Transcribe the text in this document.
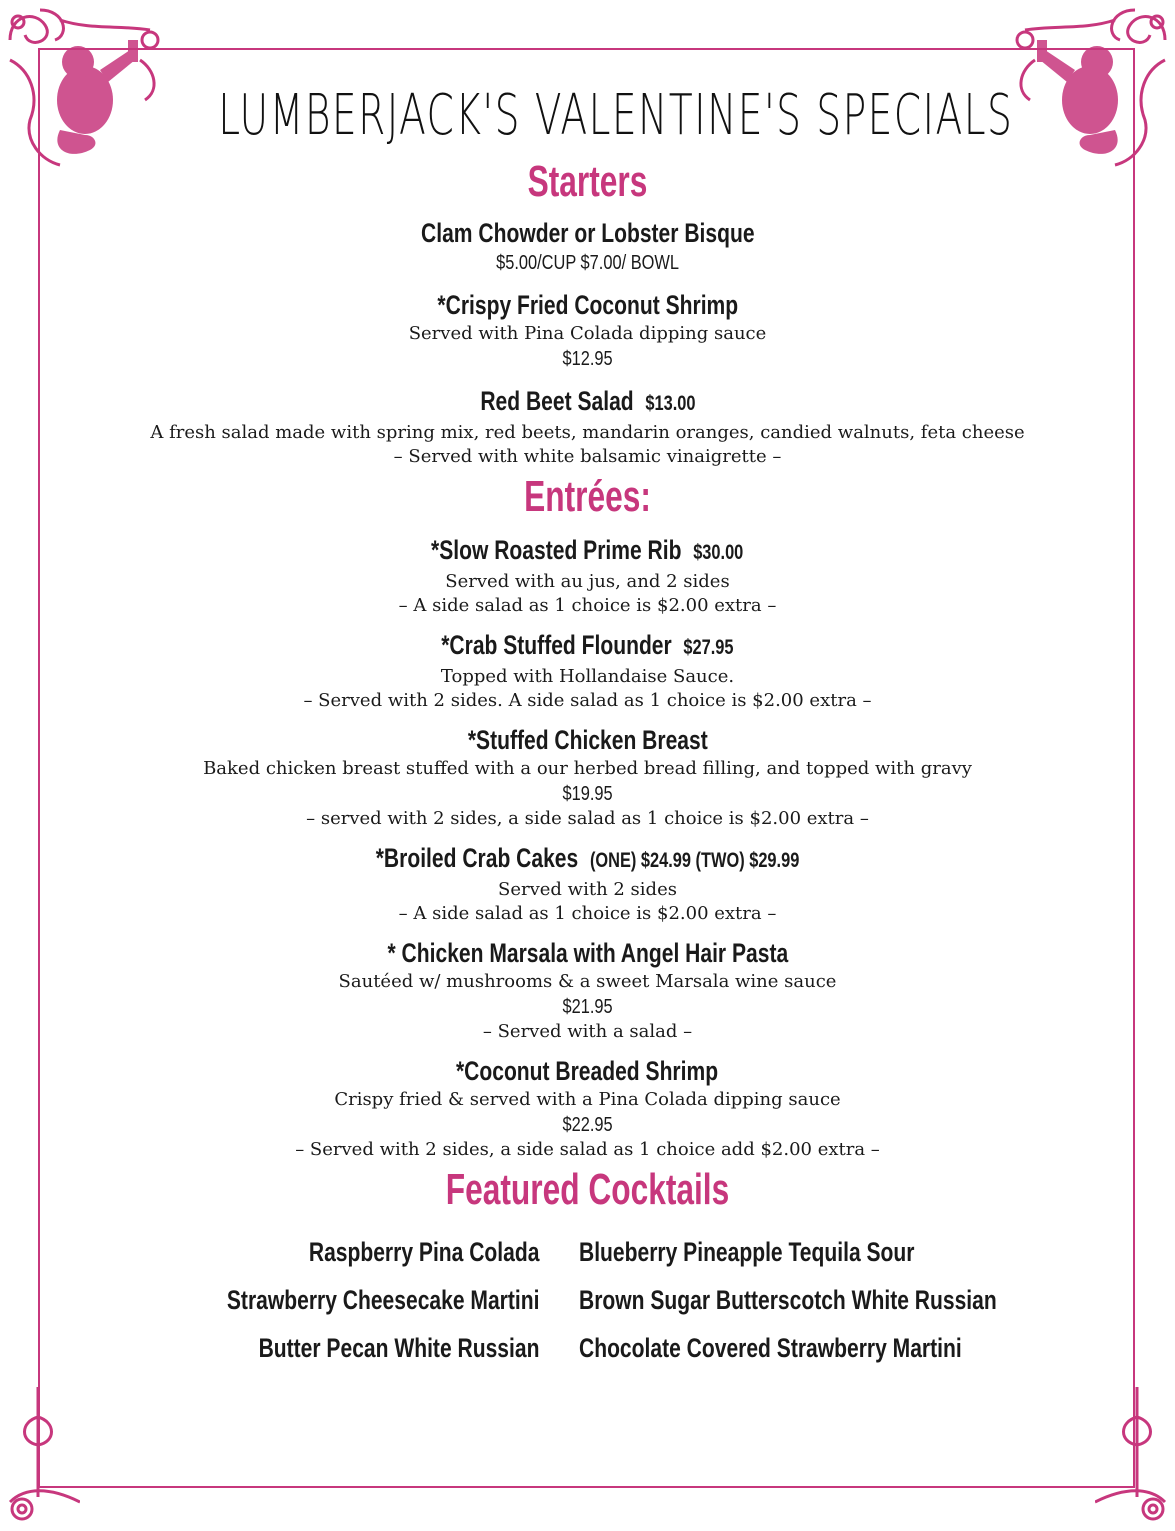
LUMBERJACK'S VALENTINE'S SPECIALS
Starters
Clam Chowder or Lobster Bisque
$5.00/CUP $7.00/ BOWL
*Crispy Fried Coconut Shrimp
Served with Pina Colada dipping sauce
$12.95
Red Beet Salad $13.00
A fresh salad made with spring mix, red beets, mandarin oranges, candied walnuts, feta cheese
– Served with white balsamic vinaigrette –
Entrées:
*Slow Roasted Prime Rib $30.00
Served with au jus, and 2 sides
– A side salad as 1 choice is $2.00 extra –
*Crab Stuffed Flounder $27.95
Topped with Hollandaise Sauce.
– Served with 2 sides. A side salad as 1 choice is $2.00 extra –
*Stuffed Chicken Breast
Baked chicken breast stuffed with a our herbed bread filling, and topped with gravy
$19.95
– served with 2 sides, a side salad as 1 choice is $2.00 extra –
*Broiled Crab Cakes (ONE) $24.99 (TWO) $29.99
Served with 2 sides
– A side salad as 1 choice is $2.00 extra –
* Chicken Marsala with Angel Hair Pasta
Sautéed w/ mushrooms & a sweet Marsala wine sauce
$21.95
– Served with a salad –
*Coconut Breaded Shrimp
Crispy fried & served with a Pina Colada dipping sauce
$22.95
– Served with 2 sides, a side salad as 1 choice add $2.00 extra –
Featured Cocktails
Raspberry Pina Colada Blueberry Pineapple Tequila Sour
Strawberry Cheesecake Martini Brown Sugar Butterscotch White Russian
Butter Pecan White Russian Chocolate Covered Strawberry Martini
